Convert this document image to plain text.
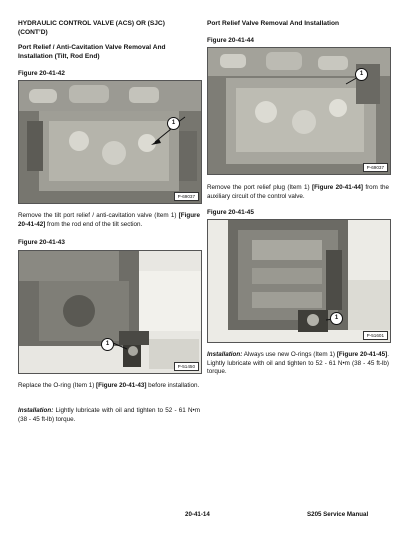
HYDRAULIC CONTROL VALVE (ACS) OR (SJC)
(CONT’D)
Port Relief / Anti-Cavitation Valve Removal And Installation (Tilt, Rod End)
Figure 20-41-42
1
P-69037
Remove the tilt port relief / anti-cavitation valve (Item 1) [Figure 20-41-42] from the rod end of the tilt section.
Figure 20-41-43
1
P-51450
Replace the O-ring (Item 1) [Figure 20-41-43] before installation.
Installation: Lightly lubricate with oil and tighten to 52 - 61 N•m (38 - 45 ft-lb) torque.
Port Relief Valve Removal And Installation
Figure 20-41-44
1
P-69037
Remove the port relief plug (Item 1) [Figure 20-41-44] from the auxiliary circuit of the control valve.
Figure 20-41-45
1
P-51601
Installation: Always use new O-rings (Item 1) [Figure 20-41-45]. Lightly lubricate with oil and tighten to 52 - 61 N•m (38 - 45 ft-lb) torque.
20-41-14	S205 Service Manual
